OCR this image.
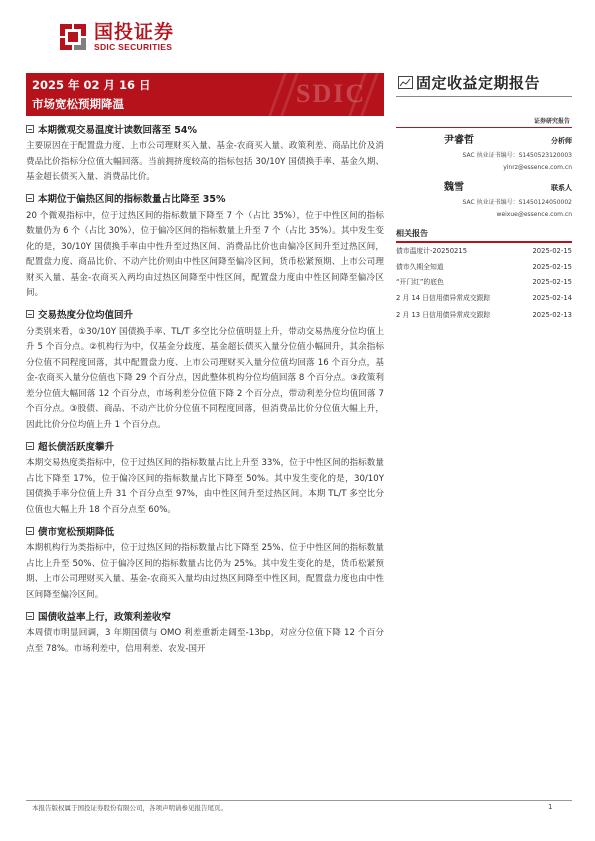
国投证券
SDIC SECURITIES
SDIC
2025 年 02 月 16 日
市场宽松预期降温
固定收益定期报告
证券研究报告
尹睿哲	分析师
SAC 执业证书编号：S1450523120003
yinrz@essence.com.cn
魏雪	联系人
SAC 执业证书编号：S1450124050002
weixue@essence.com.cn
相关报告
债市温度计-20250215	2025-02-15
债市久期全知道	2025-02-15
“开门红”的底色	2025-02-15
2 月 14 日信用债异常成交跟踪	2025-02-14
2 月 13 日信用债异常成交跟踪	2025-02-13
本期微观交易温度计读数回落至 54%

主要原因在于配置盘力度、上市公司理财买入量、基金-农商买入量、政策利差、商品比价及消费品比价指标分位值大幅回落。当前拥挤度较高的指标包括 30/10Y 国债换手率、基金久期、基金超长债买入量、消费品比价。

本期位于偏热区间的指标数量占比降至 35%

20 个微观指标中，位于过热区间的指标数量下降至 7 个（占比 35%），位于中性区间的指标数量仍为 6 个（占比 30%），位于偏冷区间的指标数量上升至 7 个（占比 35%）。其中发生变化的是，30/10Y 国债换手率由中性升至过热区间、消费品比价也由偏冷区间升至过热区间，配置盘力度、商品比价、不动产比价则由中性区间降至偏冷区间，货币松紧预期、上市公司理财买入量、基金-农商买入两均由过热区间降至中性区间，配置盘力度由中性区间降至偏冷区间。

交易热度分位均值回升

分类别来看，①30/10Y 国债换手率、TL/T 多空比分位值明显上升，带动交易热度分位均值上升 5 个百分点。②机构行为中，仅基金分歧度、基金超长债买入量分位值小幅回升，其余指标分位值不同程度回落，其中配置盘力度、上市公司理财买入量分位值均回落 16 个百分点，基金-农商买入量分位值也下降 29 个百分点，因此整体机构分位均值回落 8 个百分点。③政策利差分位值大幅回落 12 个百分点，市场利差分位值下降 2 个百分点，带动利差分位均值回落 7 个百分点。③股债、商品、不动产比价分位值不同程度回落，但消费品比价分位值大幅上升，因此比价分位均值上升 1 个百分点。

超长债活跃度攀升

本期交易热度类指标中，位于过热区间的指标数量占比上升至 33%，位于中性区间的指标数量占比下降至 17%，位于偏冷区间的指标数量占比下降至 50%。其中发生变化的是，30/10Y 国债换手率分位值上升 31 个百分点至 97%，由中性区间升至过热区间。本期 TL/T 多空比分位值也大幅上升 18 个百分点至 60%。

债市宽松预期降低

本期机构行为类指标中，位于过热区间的指标数量占比下降至 25%、位于中性区间的指标数量占比上升至 50%、位于偏冷区间的指标数量占比仍为 25%。其中发生变化的是，货币松紧预期、上市公司理财买入量、基金-农商买入量均由过热区间降至中性区间，配置盘力度也由中性区间降至偏冷区间。

国债收益率上行，政策利差收窄

本周债市明显回调，3 年期国债与 OMO 利差重新走阔至-13bp，对应分位值下降 12 个百分点至 78%。市场利差中，信用利差、农发-国开

本报告版权属于国投证券股份有限公司，各项声明请参见报告尾页。	1
